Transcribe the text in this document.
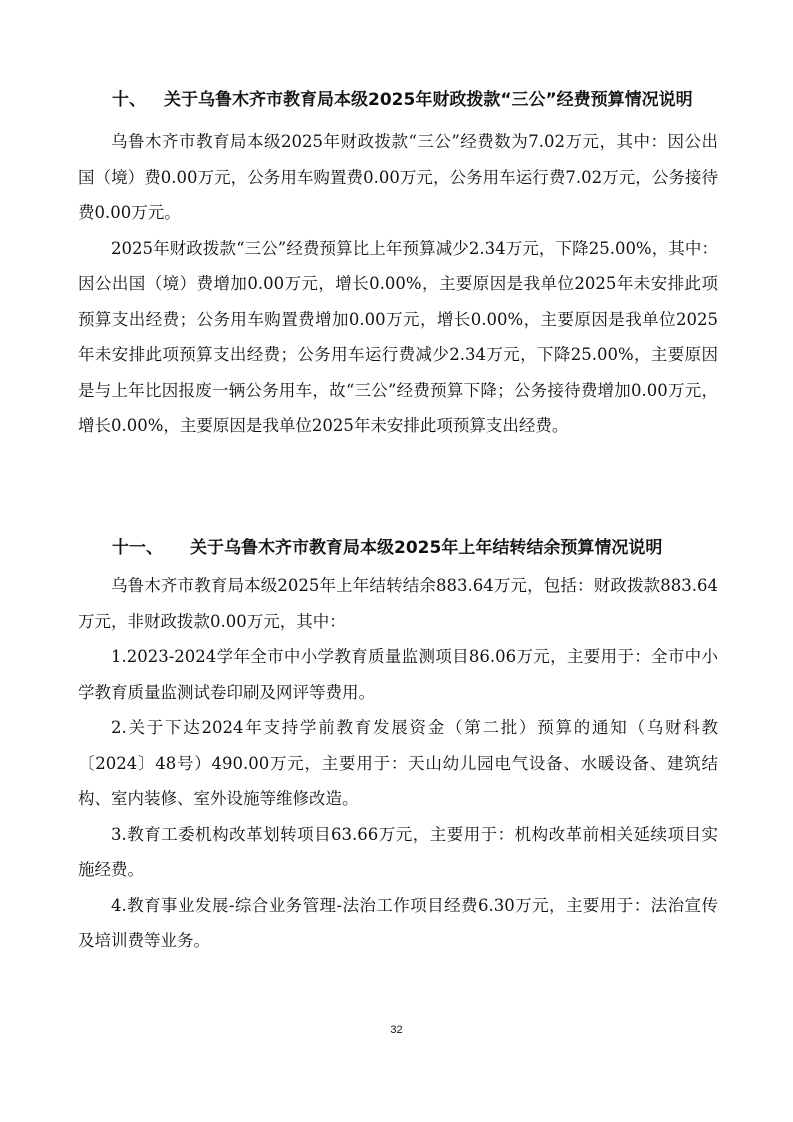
十、 关于乌鲁木齐市教育局本级2025年财政拨款“三公”经费预算情况说明

乌鲁木齐市教育局本级2025年财政拨款“三公”经费数为7.02万元，其中：因公出国（境）费0.00万元，公务用车购置费0.00万元，公务用车运行费7.02万元，公务接待费0.00万元。

2025年财政拨款“三公”经费预算比上年预算减少2.34万元，下降25.00%，其中：因公出国（境）费增加0.00万元，增长0.00%，主要原因是我单位2025年未安排此项预算支出经费；公务用车购置费增加0.00万元，增长0.00%，主要原因是我单位2025年未安排此项预算支出经费；公务用车运行费减少2.34万元，下降25.00%，主要原因是与上年比因报废一辆公务用车，故“三公”经费预算下降；公务接待费增加0.00万元，增长0.00%，主要原因是我单位2025年未安排此项预算支出经费。

十一、 关于乌鲁木齐市教育局本级2025年上年结转结余预算情况说明

乌鲁木齐市教育局本级2025年上年结转结余883.64万元，包括：财政拨款883.64万元，非财政拨款0.00万元，其中：

1.2023-2024学年全市中小学教育质量监测项目86.06万元，主要用于：全市中小学教育质量监测试卷印刷及网评等费用。

2.关于下达2024年支持学前教育发展资金（第二批）预算的通知（乌财科教〔2024〕48号）490.00万元，主要用于：天山幼儿园电气设备、水暖设备、建筑结构、室内装修、室外设施等维修改造。

3.教育工委机构改革划转项目63.66万元，主要用于：机构改革前相关延续项目实施经费。

4.教育事业发展-综合业务管理-法治工作项目经费6.30万元，主要用于：法治宣传及培训费等业务。

32
